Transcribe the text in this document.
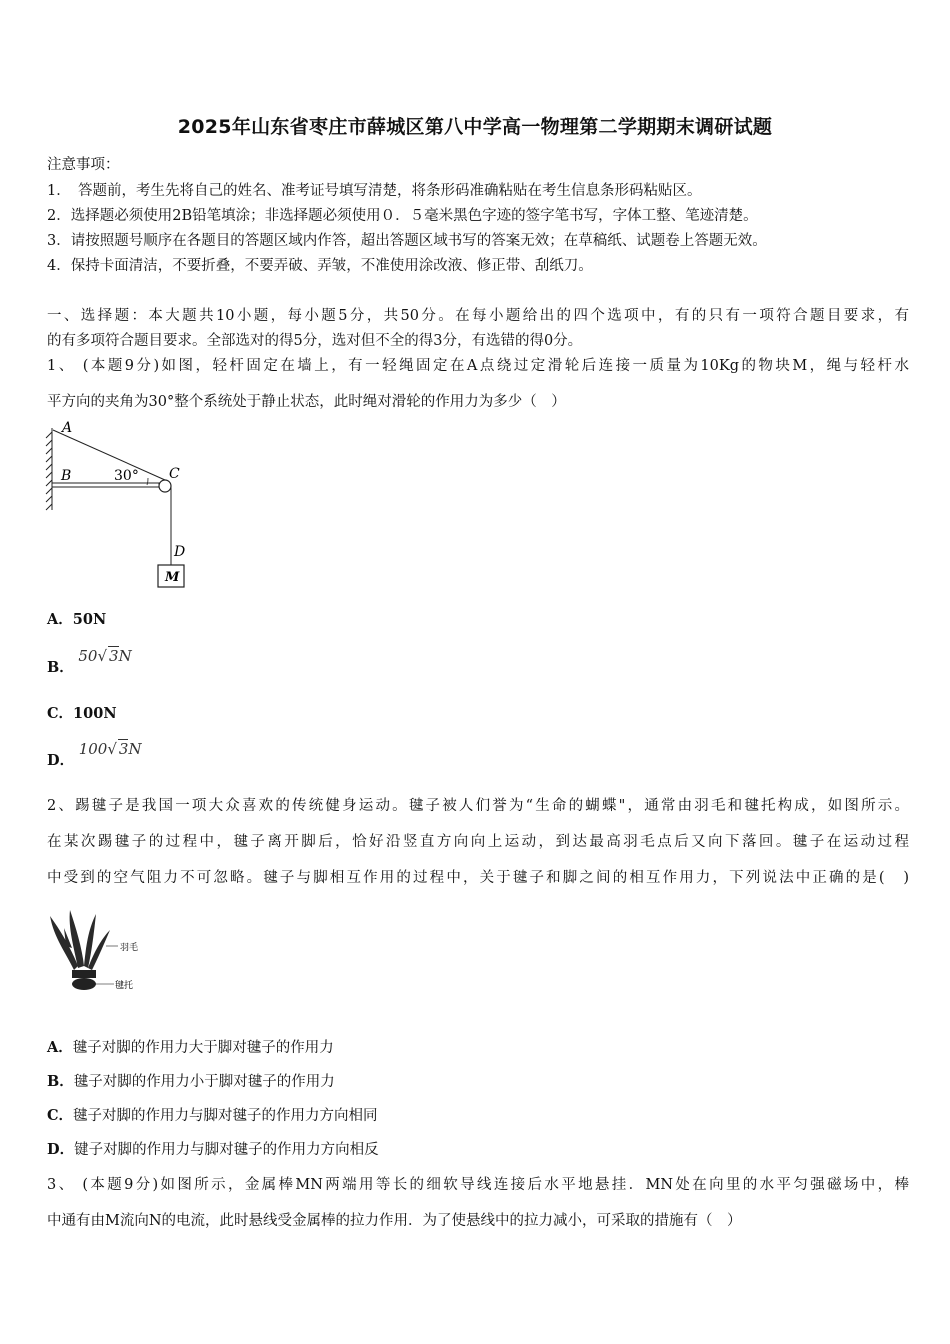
2025年山东省枣庄市薛城区第八中学高一物理第二学期期末调研试题
注意事项：
1．　答题前，考生先将自己的姓名、准考证号填写清楚，将条形码准确粘贴在考生信息条形码粘贴区。
2．选择题必须使用2B铅笔填涂；非选择题必须使用０．５毫米黑色字迹的签字笔书写，字体工整、笔迹清楚。
3．请按照题号顺序在各题目的答题区域内作答，超出答题区域书写的答案无效；在草稿纸、试题卷上答题无效。
4．保持卡面清洁，不要折叠，不要弄破、弄皱，不准使用涂改液、修正带、刮纸刀。
一、选择题：本大题共10小题，每小题5分，共50分。在每小题给出的四个选项中，有的只有一项符合题目要求，有
的有多项符合题目要求。全部选对的得5分，选对但不全的得3分，有选错的得0分。
1、 (本题9分)如图，轻杆固定在墙上，有一轻绳固定在A点绕过定滑轮后连接一质量为10Kg的物块M，绳与轻杆水
平方向的夹角为30°整个系统处于静止状态，此时绳对滑轮的作用力为多少（　）
A
B	30° C
D
M
A．50N
B． 50√ 3N
C．100N
D． 100√ 3N
2、踢毽子是我国一项大众喜欢的传统健身运动。毽子被人们誉为“生命的蝴蝶"，通常由羽毛和毽托构成，如图所示。
在某次踢毽子的过程中，毽子离开脚后，恰好沿竖直方向向上运动，到达最高羽毛点后又向下落回。毽子在运动过程
中受到的空气阻力不可忽略。毽子与脚相互作用的过程中，关于毽子和脚之间的相互作用力，下列说法中正确的是(　)
羽毛
毽托
A．毽子对脚的作用力大于脚对毽子的作用力
B．毽子对脚的作用力小于脚对毽子的作用力
C．毽子对脚的作用力与脚对毽子的作用力方向相同
D．键子对脚的作用力与脚对毽子的作用力方向相反
3、 (本题9分)如图所示，金属棒MN两端用等长的细软导线连接后水平地悬挂．MN处在向里的水平匀强磁场中，棒
中通有由M流向N的电流，此时悬线受金属棒的拉力作用．为了使悬线中的拉力减小，可采取的措施有（　）
